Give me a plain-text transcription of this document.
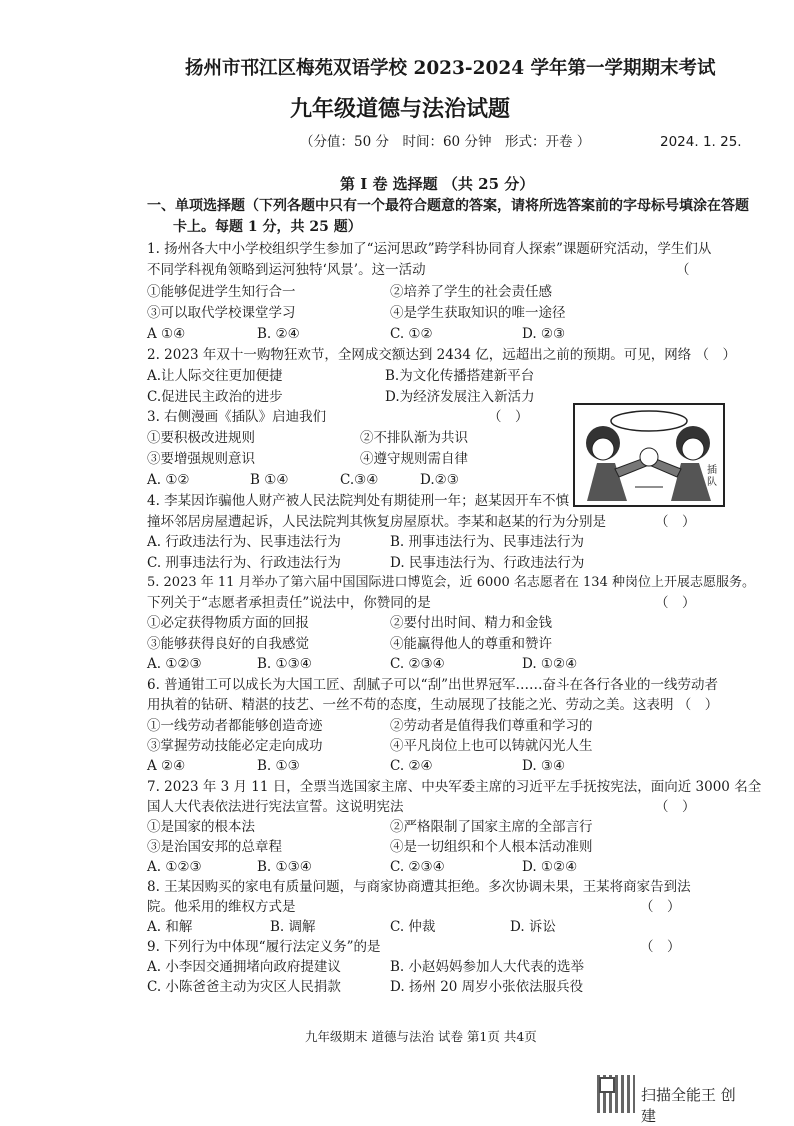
扬州市邗江区梅苑双语学校 2023-2024 学年第一学期期末考试
九年级道德与法治试题
（分值：50 分　时间：60 分钟　形式：开卷 ）	2024. 1. 25.
第 Ⅰ 卷 选择题 （共 25 分）
一、单项选择题（下列各题中只有一个最符合题意的答案，请将所选答案前的字母标号填涂在答题
卡上。每题 1 分，共 25 题）
1. 扬州各大中小学校组织学生参加了“运河思政”跨学科协同育人探索”课题研究活动，学生们从
不同学科视角领略到运河独特‘风景’。这一活动	（
①能够促进学生知行合一	②培养了学生的社会责任感
③可以取代学校课堂学习	④是学生获取知识的唯一途径
A ①④	B. ②④	C. ①②	D. ②③
2. 2023 年双十一购物狂欢节，全网成交额达到 2434 亿，远超出之前的预期。可见，网络 （　）
A.让人际交往更加便捷	B.为文化传播搭建新平台
C.促进民主政治的进步	D.为经济发展注入新活力
3. 右侧漫画《插队》启迪我们	（　）
①要积极改进规则	②不排队渐为共识
③要增强规则意识	④遵守规则需自律
A. ①②	B ①④	C.③④	D.②③
插队
4. 李某因诈骗他人财产被人民法院判处有期徒刑一年；赵某因开车不慎
撞坏邻居房屋遭起诉，人民法院判其恢复房屋原状。李某和赵某的行为分别是	（　）
A. 行政违法行为、民事违法行为	B. 刑事违法行为、民事违法行为
C. 刑事违法行为、行政违法行为	D. 民事违法行为、行政违法行为
5. 2023 年 11 月举办了第六届中国国际进口博览会，近 6000 名志愿者在 134 种岗位上开展志愿服务。
下列关于“志愿者承担责任”说法中，你赞同的是	（　）
①必定获得物质方面的回报	②要付出时间、精力和金钱
③能够获得良好的自我感觉	④能赢得他人的尊重和赞许
A. ①②③	B. ①③④	C. ②③④	D. ①②④
6. 普通钳工可以成长为大国工匠、刮腻子可以“刮”出世界冠军……奋斗在各行各业的一线劳动者
用执着的钻研、精湛的技艺、一丝不苟的态度，生动展现了技能之光、劳动之美。这表明 （　）
①一线劳动者都能够创造奇迹	②劳动者是值得我们尊重和学习的
③掌握劳动技能必定走向成功	④平凡岗位上也可以铸就闪光人生
A ②④	B. ①③	C. ②④	D. ③④
7. 2023 年 3 月 11 日，全票当选国家主席、中央军委主席的习近平左手抚按宪法，面向近 3000 名全
国人大代表依法进行宪法宣誓。这说明宪法	（　）
①是国家的根本法	②严格限制了国家主席的全部言行
③是治国安邦的总章程	④是一切组织和个人根本活动准则
A. ①②③	B. ①③④	C. ②③④	D. ①②④
8. 王某因购买的家电有质量问题，与商家协商遭其拒绝。多次协调未果，王某将商家告到法
院。他采用的维权方式是	（　）
A. 和解	B. 调解	C. 仲裁	D. 诉讼
9. 下列行为中体现“履行法定义务”的是	（　）
A. 小李因交通拥堵向政府提建议	B. 小赵妈妈参加人大代表的选举
C. 小陈爸爸主动为灾区人民捐款	D. 扬州 20 周岁小张依法服兵役
九年级期末 道德与法治 试卷 第1页 共4页
扫描全能王 创建
